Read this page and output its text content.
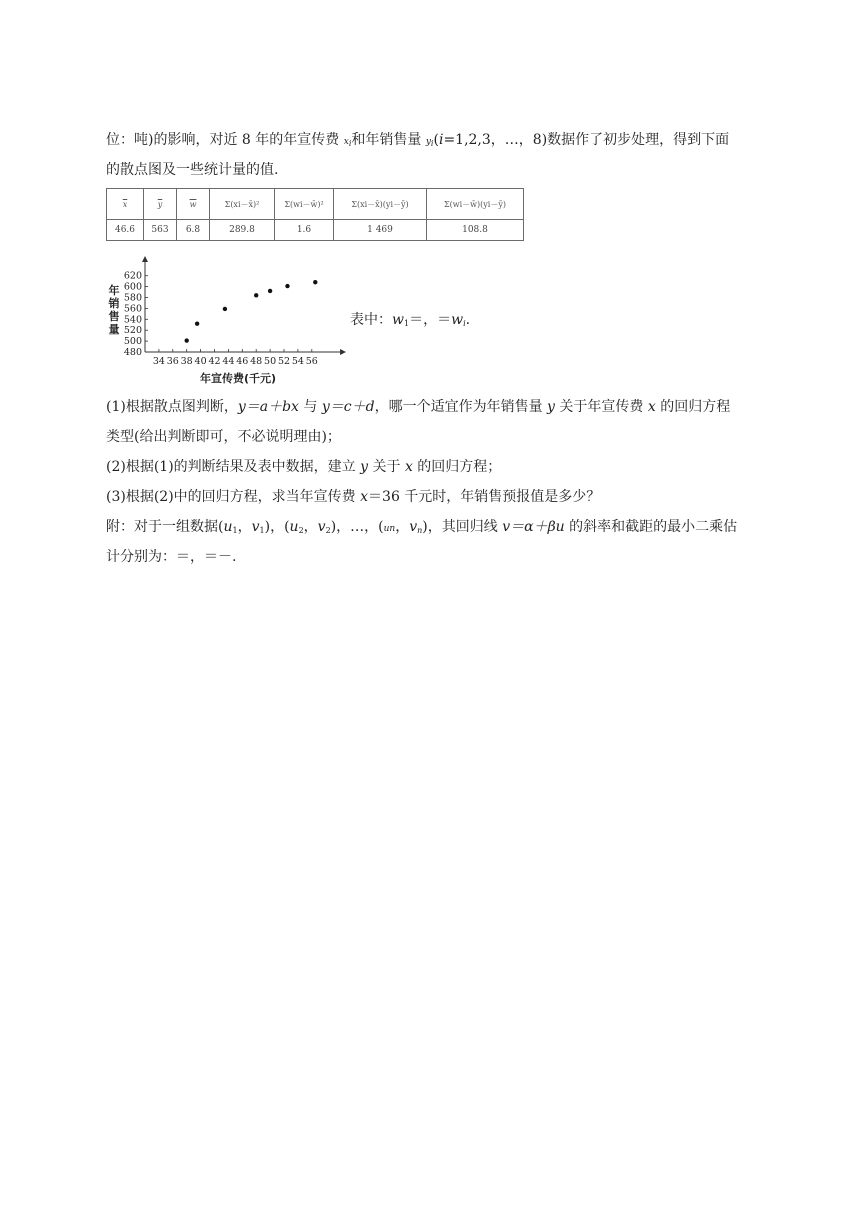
位：吨)的影响，对近 8 年的年宣传费 $x_i$和年销售量 $y_i(i=1,2,3$，…，8)数据作了初步处理，得到下面
的散点图及一些统计量的值.
$\overline{x}$	$\overline{y}$	$\overline{w}$	Σ(xi－x̄)²	Σ(wi－w̄)²	Σ(xi－x̄)(yi－ȳ)	Σ(wi－w̄)(yi－ȳ)
46.6	563	6.8	289.8	1.6	1 469	108.8
34 36 38 40 42 44 46 48 50 52 54 56
480
500
520
540
560
580
600
620
年宣传费(千元)
年
销
售
量
表中：$w_1=$，$=w_i$.
(1)根据散点图判断，y＝a＋bx 与 y＝c＋d，哪一个适宜作为年销售量 y 关于年宣传费 x 的回归方程
类型(给出判断即可，不必说明理由)；
(2)根据(1)的判断结果及表中数据，建立 y 关于 x 的回归方程；
(3)根据(2)中的回归方程，求当年宣传费 x＝36 千元时，年销售预报值是多少？
附：对于一组数据($u_1$，$v_1$)，($u_2$，$v_2$)，…，(un，$v_n$)，其回归线 v＝α＋βu 的斜率和截距的最小二乘估
计分别为：＝，＝－.
